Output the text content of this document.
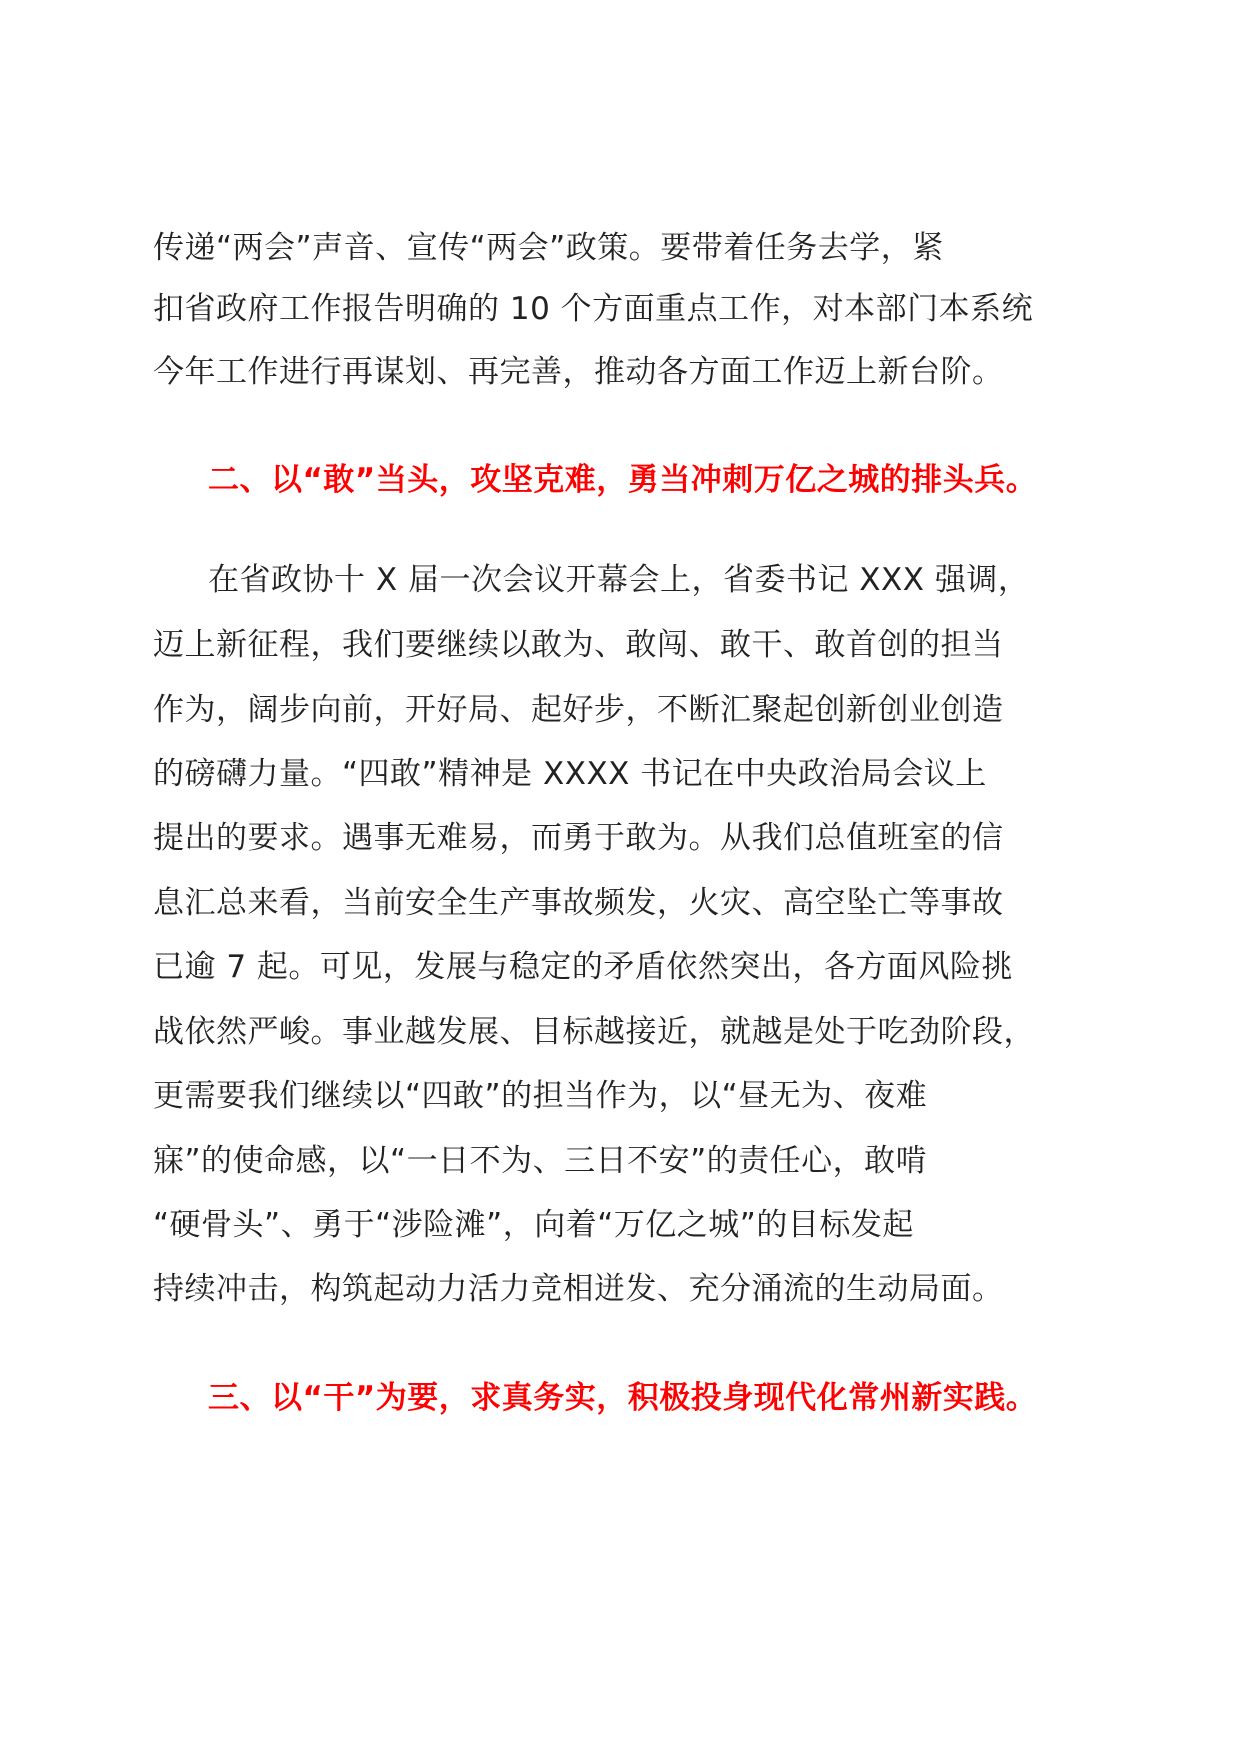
传递“两会”声音、宣传“两会”政策。要带着任务去学，紧
扣省政府工作报告明确的 10 个方面重点工作，对本部门本系统
今年工作进行再谋划、再完善，推动各方面工作迈上新台阶。
二、以“敢”当头，攻坚克难，勇当冲刺万亿之城的排头兵。
在省政协十 X 届一次会议开幕会上，省委书记 XXX 强调，
迈上新征程，我们要继续以敢为、敢闯、敢干、敢首创的担当
作为，阔步向前，开好局、起好步，不断汇聚起创新创业创造
的磅礴力量。“四敢”精神是 XXXX 书记在中央政治局会议上
提出的要求。遇事无难易，而勇于敢为。从我们总值班室的信
息汇总来看，当前安全生产事故频发，火灾、高空坠亡等事故
已逾 7 起。可见，发展与稳定的矛盾依然突出，各方面风险挑
战依然严峻。事业越发展、目标越接近，就越是处于吃劲阶段，
更需要我们继续以“四敢”的担当作为，以“昼无为、夜难
寐”的使命感，以“一日不为、三日不安”的责任心，敢啃
“硬骨头”、勇于“涉险滩”，向着“万亿之城”的目标发起
持续冲击，构筑起动力活力竞相迸发、充分涌流的生动局面。
三、以“干”为要，求真务实，积极投身现代化常州新实践。
